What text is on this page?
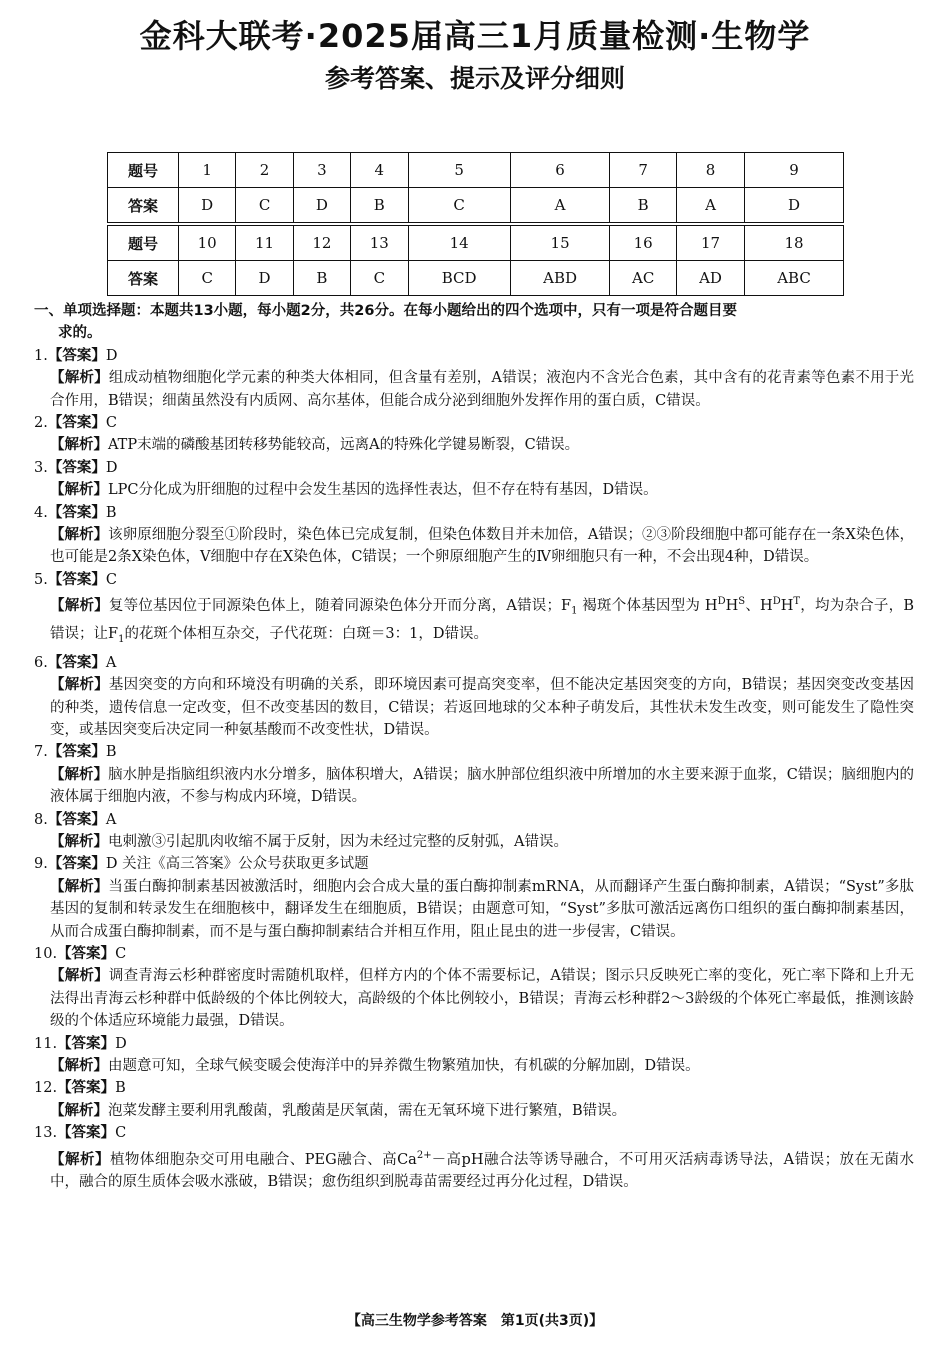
金科大联考·2025届高三1月质量检测·生物学
参考答案、提示及评分细则
题号	1	2	3	4	5	6	7	8	9
答案	D	C	D	B	C	A	B	A	D

题号	10	11	12	13	14	15	16	17	18
答案	C	D	B	C	BCD	ABD	AC	AD	ABC
一、单项选择题：本题共13小题，每小题2分，共26分。在每小题给出的四个选项中，只有一项是符合题目要
求的。

1.【答案】D

【解析】组成动植物细胞化学元素的种类大体相同，但含量有差别，A错误；液泡内不含光合色素，其中含有的花青素等色素不用于光合作用，B错误；细菌虽然没有内质网、高尔基体，但能合成分泌到细胞外发挥作用的蛋白质，C错误。

2.【答案】C

【解析】ATP末端的磷酸基团转移势能较高，远离A的特殊化学键易断裂，C错误。

3.【答案】D

【解析】LPC分化成为肝细胞的过程中会发生基因的选择性表达，但不存在特有基因，D错误。

4.【答案】B

【解析】该卵原细胞分裂至①阶段时，染色体已完成复制，但染色体数目并未加倍，A错误；②③阶段细胞中都可能存在一条X染色体，也可能是2条X染色体，Ⅴ细胞中存在X染色体，C错误；一个卵原细胞产生的Ⅳ卵细胞只有一种，不会出现4种，D错误。

5.【答案】C

【解析】复等位基因位于同源染色体上，随着同源染色体分开而分离，A错误；$F_1$ 褐斑个体基因型为 $H^DH^S$、$H^DH^T$，均为杂合子，B错误；让$F_1$的花斑个体相互杂交，子代花斑：白斑＝3：1，D错误。

6.【答案】A

【解析】基因突变的方向和环境没有明确的关系，即环境因素可提高突变率，但不能决定基因突变的方向，B错误；基因突变改变基因的种类，遗传信息一定改变，但不改变基因的数目，C错误；若返回地球的父本种子萌发后，其性状未发生改变，则可能发生了隐性突变，或基因突变后决定同一种氨基酸而不改变性状，D错误。

7.【答案】B

【解析】脑水肿是指脑组织液内水分增多，脑体积增大，A错误；脑水肿部位组织液中所增加的水主要来源于血浆，C错误；脑细胞内的液体属于细胞内液，不参与构成内环境，D错误。

8.【答案】A

【解析】电刺激③引起肌肉收缩不属于反射，因为未经过完整的反射弧，A错误。

9.【答案】D 关注《高三答案》公众号获取更多试题

【解析】当蛋白酶抑制素基因被激活时，细胞内会合成大量的蛋白酶抑制素mRNA，从而翻译产生蛋白酶抑制素，A错误；“Syst”多肽基因的复制和转录发生在细胞核中，翻译发生在细胞质，B错误；由题意可知，“Syst”多肽可激活远离伤口组织的蛋白酶抑制素基因，从而合成蛋白酶抑制素，而不是与蛋白酶抑制素结合并相互作用，阻止昆虫的进一步侵害，C错误。

10.【答案】C

【解析】调查青海云杉种群密度时需随机取样，但样方内的个体不需要标记，A错误；图示只反映死亡率的变化，死亡率下降和上升无法得出青海云杉种群中低龄级的个体比例较大，高龄级的个体比例较小，B错误；青海云杉种群2～3龄级的个体死亡率最低，推测该龄级的个体适应环境能力最强，D错误。

11.【答案】D

【解析】由题意可知，全球气候变暖会使海洋中的异养微生物繁殖加快，有机碳的分解加剧，D错误。

12.【答案】B

【解析】泡菜发酵主要利用乳酸菌，乳酸菌是厌氧菌，需在无氧环境下进行繁殖，B错误。

13.【答案】C

【解析】植物体细胞杂交可用电融合、PEG融合、高$Ca^{2+}-$高pH融合法等诱导融合，不可用灭活病毒诱导法，A错误；放在无菌水中，融合的原生质体会吸水涨破，B错误；愈伤组织到脱毒苗需要经过再分化过程，D错误。

【高三生物学参考答案　第1页(共3页)】
